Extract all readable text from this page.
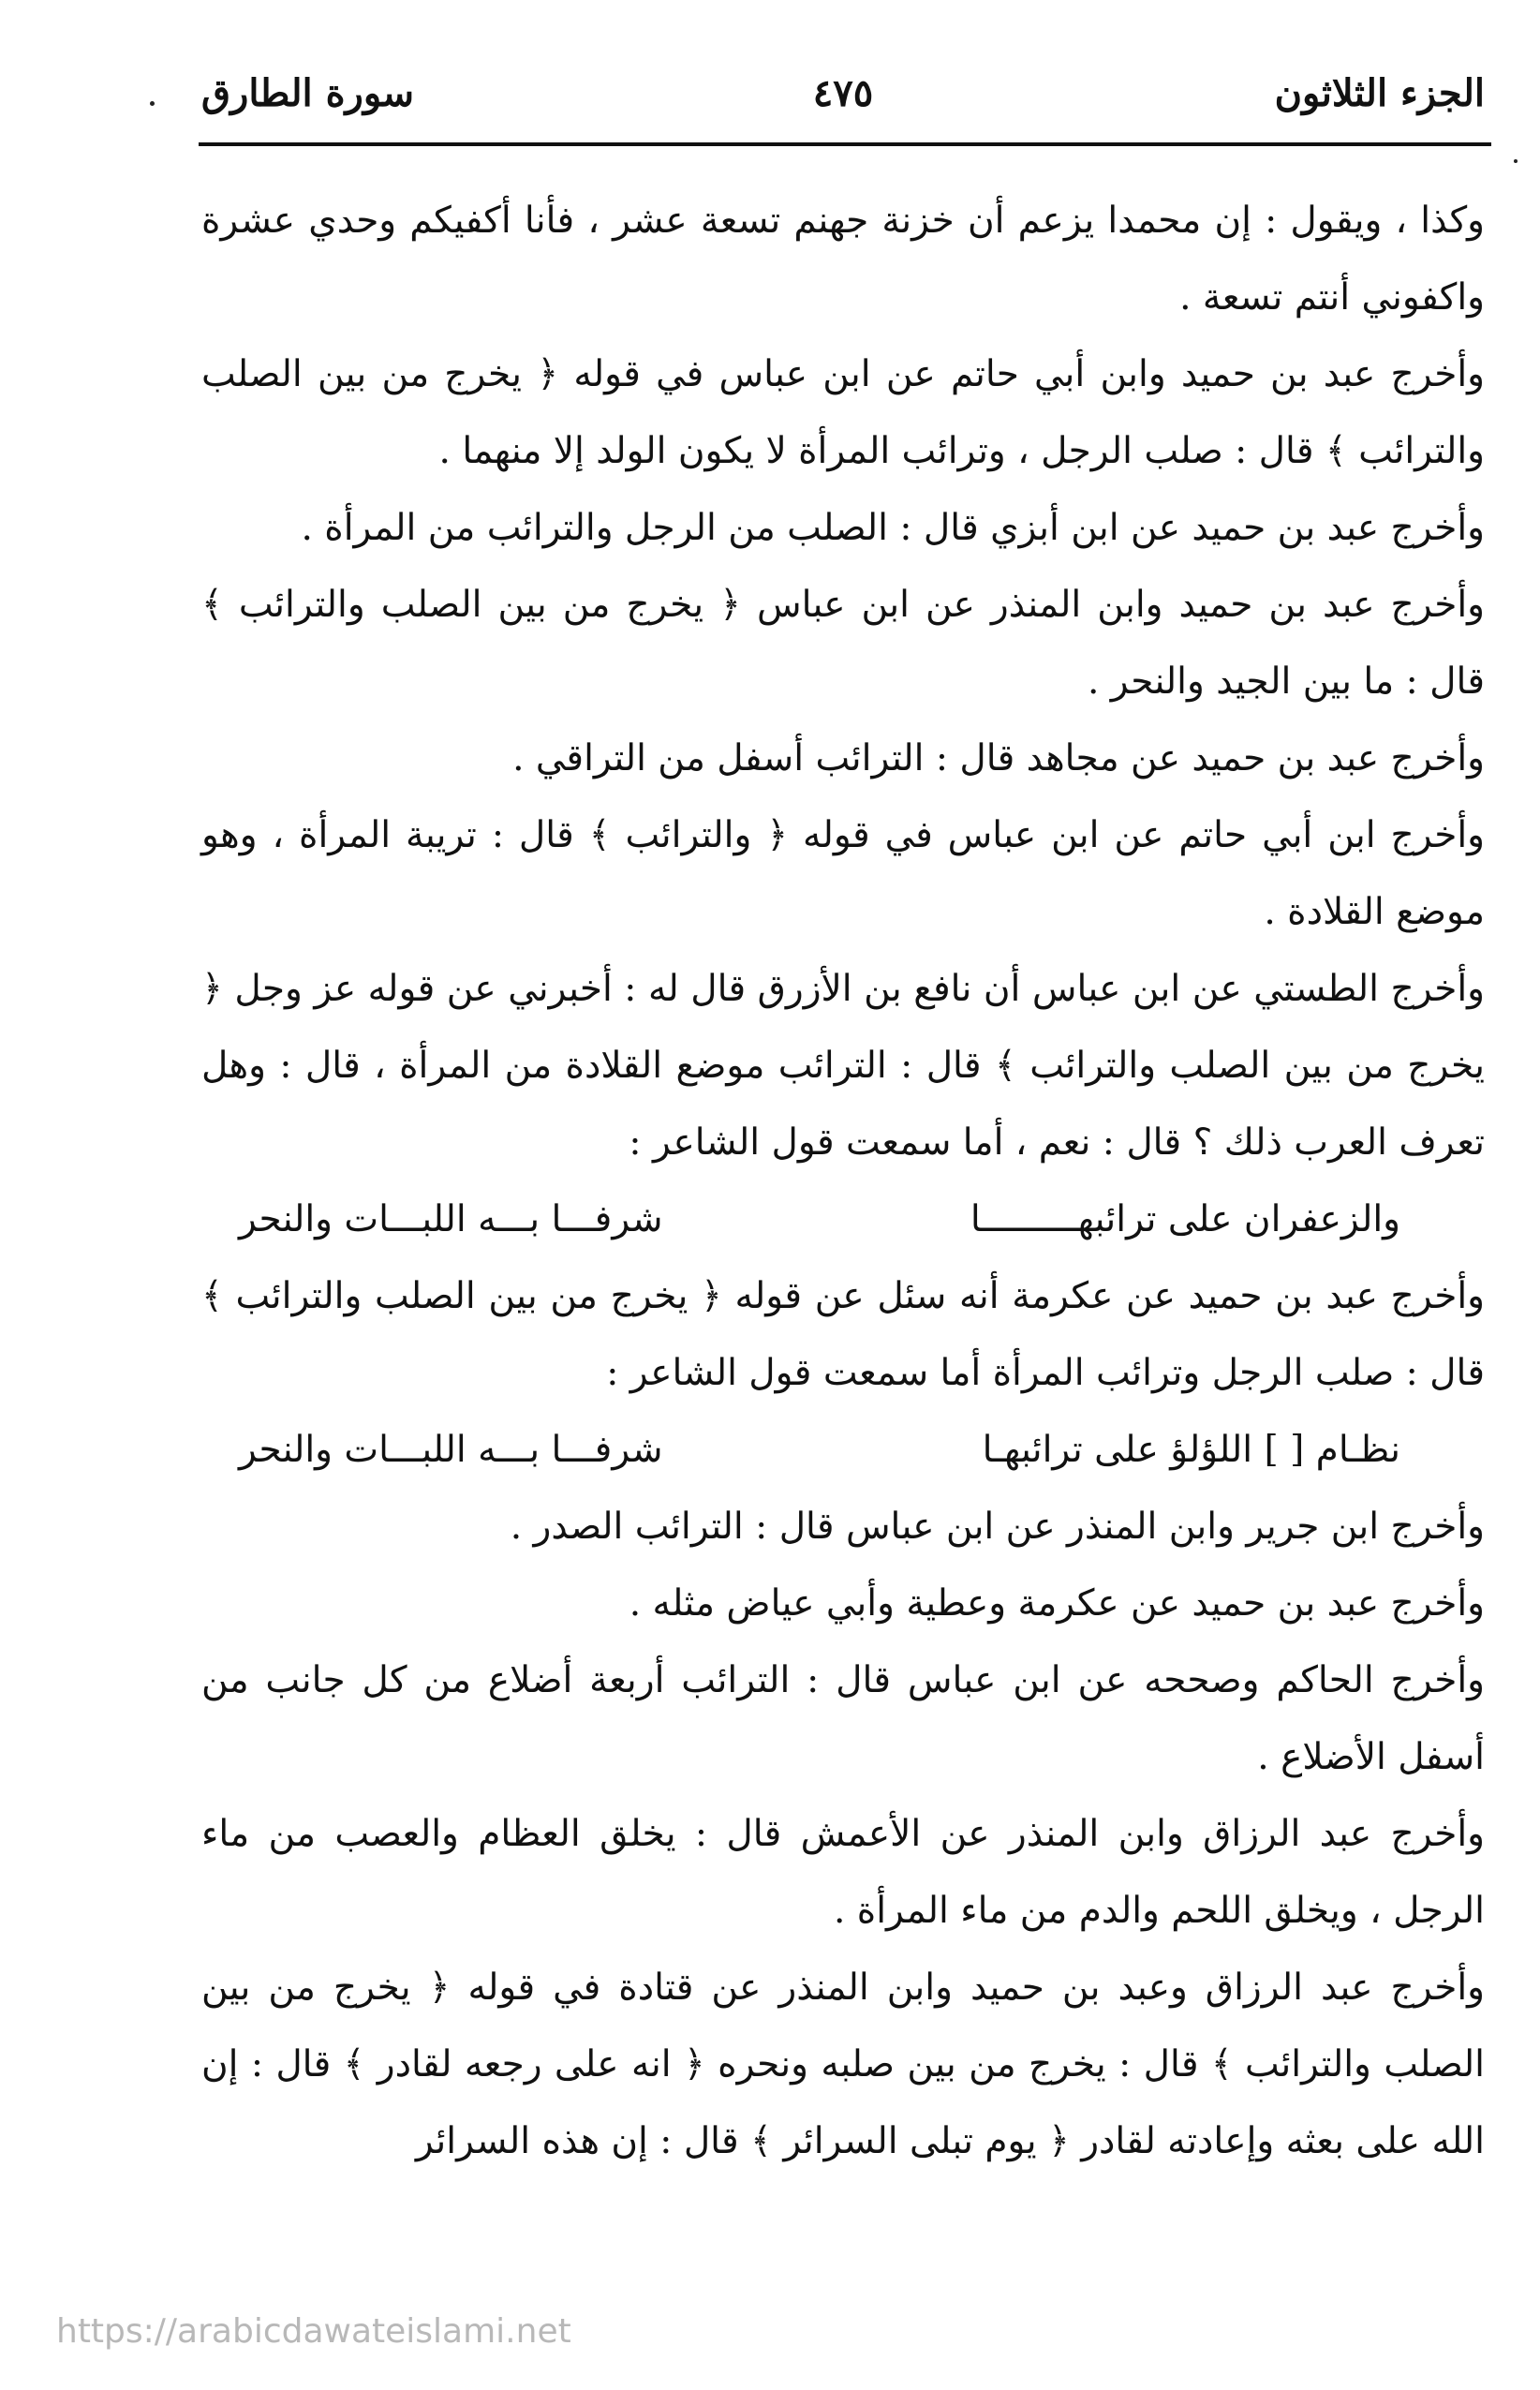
الجزء الثلاثون
٤٧٥
سورة الطارق

وكذا ، ويقول : إن محمدا يزعم أن خزنة جهنم تسعة عشر ، فأنا أكفيكم وحدي عشرة واكفوني أنتم تسعة .

وأخرج عبد بن حميد وابن أبي حاتم عن ابن عباس في قوله ﴿ يخرج من بين الصلب والترائب ﴾ قال : صلب الرجل ، وترائب المرأة لا يكون الولد إلا منهما .

وأخرج عبد بن حميد عن ابن أبزي قال : الصلب من الرجل والترائب من المرأة .

وأخرج عبد بن حميد وابن المنذر عن ابن عباس ﴿ يخرج من بين الصلب والترائب ﴾ قال : ما بين الجيد والنحر .

وأخرج عبد بن حميد عن مجاهد قال : الترائب أسفل من التراقي .

وأخرج ابن أبي حاتم عن ابن عباس في قوله ﴿ والترائب ﴾ قال : تريبة المرأة ، وهو موضع القلادة .

وأخرج الطستي عن ابن عباس أن نافع بن الأزرق قال له : أخبرني عن قوله عز وجل ﴿ يخرج من بين الصلب والترائب ﴾ قال : الترائب موضع القلادة من المرأة ، قال : وهل تعرف العرب ذلك ؟ قال : نعم ، أما سمعت قول الشاعر :

والزعفران على ترائبهـــــــــا
شرفـــا بـــه اللبـــات والنحر

وأخرج عبد بن حميد عن عكرمة أنه سئل عن قوله ﴿ يخرج من بين الصلب والترائب ﴾ قال : صلب الرجل وترائب المرأة أما سمعت قول الشاعر :

نظـام [ ] اللؤلؤ على ترائبهـا
شرفـــا بـــه اللبـــات والنحر

وأخرج ابن جرير وابن المنذر عن ابن عباس قال : الترائب الصدر .

وأخرج عبد بن حميد عن عكرمة وعطية وأبي عياض مثله .

وأخرج الحاكم وصححه عن ابن عباس قال : الترائب أربعة أضلاع من كل جانب من أسفل الأضلاع .

وأخرج عبد الرزاق وابن المنذر عن الأعمش قال : يخلق العظام والعصب من ماء الرجل ، ويخلق اللحم والدم من ماء المرأة .

وأخرج عبد الرزاق وعبد بن حميد وابن المنذر عن قتادة في قوله ﴿ يخرج من بين الصلب والترائب ﴾ قال : يخرج من بين صلبه ونحره ﴿ انه على رجعه لقادر ﴾ قال : إن الله على بعثه وإعادته لقادر ﴿ يوم تبلى السرائر ﴾ قال : إن هذه السرائر

https://arabicdawateislami.net
